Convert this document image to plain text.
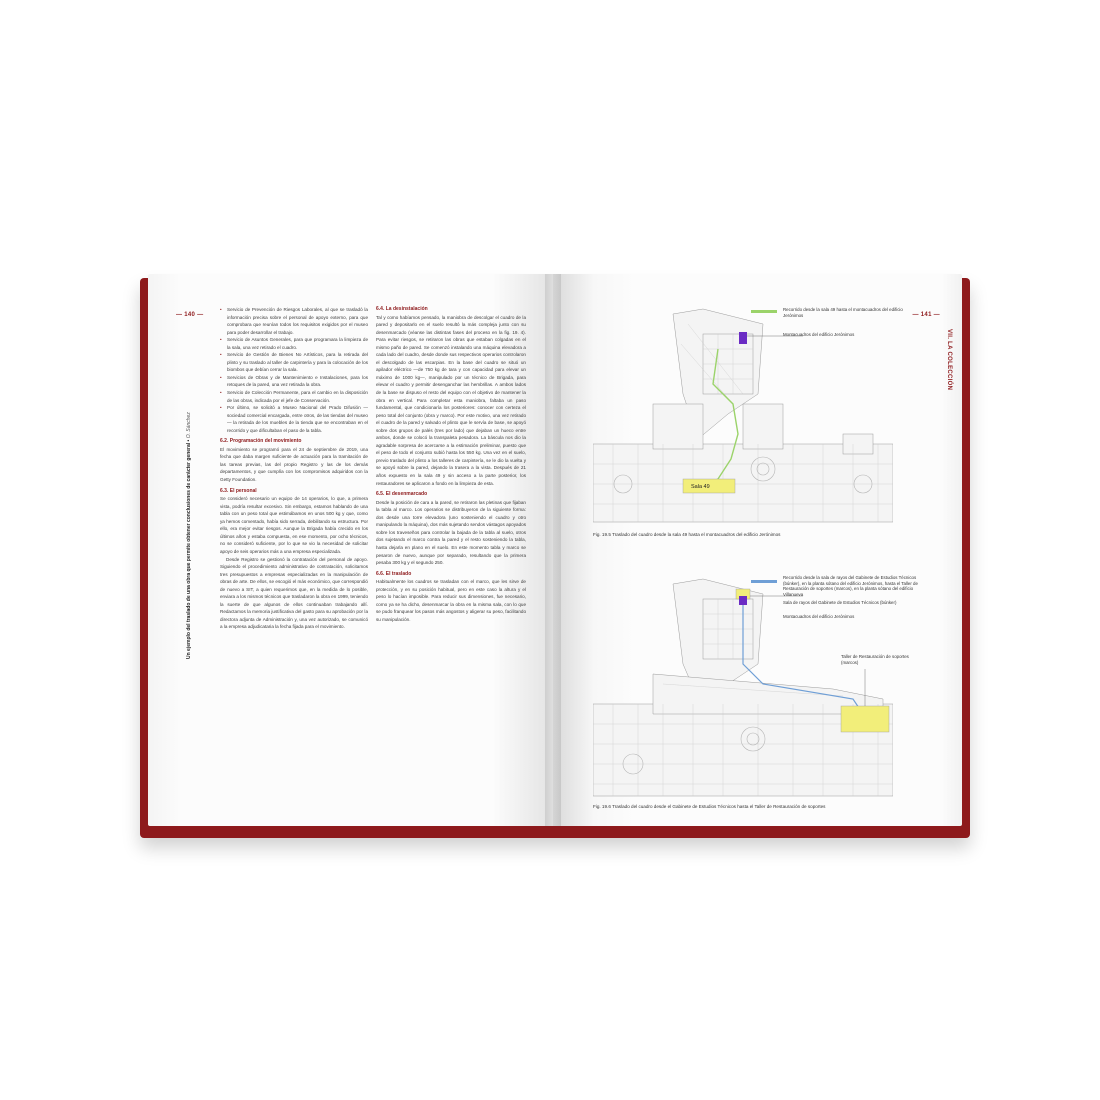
— 140 —
Un ejemplo del traslado de una obra que permite obtener conclusiones de carácter general • O. Sánchez
• Servicio de Prevención de Riesgos Laborales, al que se trasladó la información precisa sobre el personal de apoyo externo, para que comprobara que reunían todos los requisitos exigidos por el museo para poder desarrollar el trabajo.
• Servicio de Asuntos Generales, para que programara la limpieza de la sala, una vez retirado el cuadro.
• Servicio de Gestión de Bienes No Artísticos, para la retirada del plinto y su traslado al taller de carpintería y para la colocación de los biombos que debían cerrar la sala.
• Servicios de Obras y de Mantenimiento e Instalaciones, para los retoques de la pared, una vez retirada la obra.
• Servicio de Colección Permanente, para el cambio en la disposición de las obras, indicada por el jefe de Conservación.
• Por último, se solicitó a Museo Nacional del Prado Difusión —sociedad comercial encargada, entre otros, de las tiendas del museo— la retirada de los muebles de la tienda que se encontraban en el recorrido y que dificultaban el paso de la tabla.
6.2. Programación del movimiento

El movimiento se programó para el 24 de septiembre de 2019, una fecha que daba margen suficiente de actuación para la tramitación de las tareas previas, las del propio Registro y las de los demás departamentos, y que cumplía con los compromisos adquiridos con la Getty Foundation.

6.3. El personal

Se consideró necesario un equipo de 14 operarios, lo que, a primera vista, podría resultar excesivo. Sin embargo, estamos hablando de una tabla con un peso total que estimábamos en unos 500 kg y que, como ya hemos comentado, había sido serrada, debilitando su estructura. Por ello, era mejor evitar riesgos. Aunque la Brigada había crecido en los últimos años y estaba compuesta, en ese momento, por ocho técnicos, no se consideró suficiente, por lo que se vio la necesidad de solicitar apoyo de seis operarios más a una empresa especializada.

Desde Registro se gestionó la contratación del personal de apoyo. Siguiendo el procedimiento administrativo de contratación, solicitamos tres presupuestos a empresas especializadas en la manipulación de obras de arte. De ellos, se escogió el más económico, que correspondió de nuevo a SIT, a quien requerimos que, en la medida de lo posible, enviara a los mismos técnicos que trasladaron la obra en 1999, teniendo la suerte de que algunos de ellos continuaban trabajando allí. Redactamos la memoria justificativa del gasto para su aprobación por la directora adjunta de Administración y, una vez autorizado, se comunicó a la empresa adjudicataria la fecha fijada para el movimiento.

6.4. La desinstalación

Tal y como habíamos pensado, la maniobra de descolgar el cuadro de la pared y depositarlo en el suelo resultó la más compleja junto con su desenmarcado (véanse las distintas fases del proceso en la fig. 19. 4). Para evitar riesgos, se retiraron las obras que estaban colgadas en el mismo paño de pared. Se comenzó instalando una máquina elevadora a cada lado del cuadro, desde donde sus respectivos operarios controlaron el descolgado de las escarpias. En la base del cuadro se situó un apilador eléctrico —de 750 kg de tara y con capacidad para elevar un máximo de 1000 kg—, manipulado por un técnico de Brigada, para elevar el cuadro y permitir desenganchar las hembrillas. A ambos lados de la base se dispuso el resto del equipo con el objetivo de mantener la obra en vertical. Para completar esta maniobra, faltaba un paso fundamental, que condicionaría los posteriores: conocer con certeza el peso total del conjunto (obra y marco). Por este motivo, una vez retirado el cuadro de la pared y salvado el plinto que le servía de base, se apoyó sobre dos grupos de palés (tres por lado) que dejaban un hueco entre ambos, donde se colocó la transpaleta pesadora. La báscula nos dio la agradable sorpresa de acercarse a la estimación preliminar, puesto que el peso de todo el conjunto subió hasta los 550 kg. Una vez en el suelo, previo traslado del plinto a los talleres de carpintería, se le dio la vuelta y se apoyó sobre la pared, dejando la trasera a la vista. Después de 21 años expuesto en la sala 49 y sin acceso a la parte posterior, los restauradores se aplicaron a fondo en la limpieza de esta.

6.5. El desenmarcado

Desde la posición de cara a la pared, se retiraron las pletinas que fijaban la tabla al marco. Los operarios se distribuyeron de la siguiente forma: dos desde una torre elevadora (uno sosteniendo el cuadro y otro manipulando la máquina), dos más sujetando sendos vástagos apoyados sobre los traveseños para controlar la bajada de la tabla al suelo, otros dos sujetando el marco contra la pared y el resto sosteniendo la tabla, hasta dejarla en plano en el suelo. En este momento tabla y marco se pesaron de nuevo, aunque por separado, resultando que la primera pesaba 300 kg y el segundo 250.

6.6. El traslado

Habitualmente los cuadros se trasladan con el marco, que les sirve de protección, y en su posición habitual, pero en este caso la altura y el peso lo hacían imposible. Para reducir sus dimensiones, fue necesario, como ya se ha dicho, desenmarcar la obra en la misma sala, con lo que se pudo franquear los pasos más angostos y aligerar su peso, facilitando su manipulación.

— 141 —
VII. LA COLECCIÓN
Sala 49
Recorrido desde la sala 49 hasta el montacuadros del edificio Jerónimos
Montacuadros del edificio Jerónimos
Fig. 19.5 Traslado del cuadro desde la sala 49 hasta el montacuadros del edificio Jerónimos
Recorrido desde la sala de rayos del Gabinete de Estudios Técnicos (búnker), en la planta sótano del edificio Jerónimos, hasta el Taller de Restauración de soportes (marcos), en la planta sótano del edificio Villanueva
Sala de rayos del Gabinete de Estudios Técnicos (búnker)
Montacuadros del edificio Jerónimos
Taller de Restauración de soportes (marcos)
Fig. 19.6 Traslado del cuadro desde el Gabinete de Estudios Técnicos hasta el Taller de Restauración de soportes
